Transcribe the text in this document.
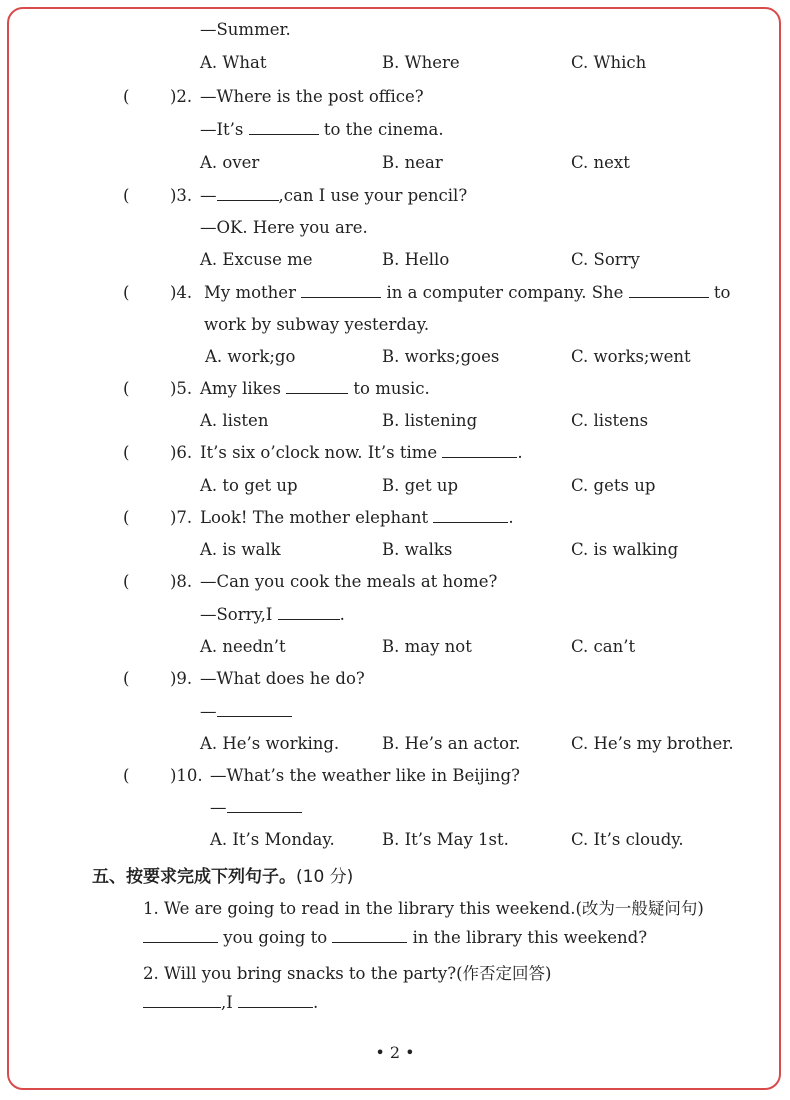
—Summer.
A. What	B. Where	C. Which
( )2. —Where is the post office?
—It’s	to the cinema.
A. over	B. near	C. next
( )3. —	,can I use your pencil?
—OK. Here you are.
A. Excuse me	B. Hello	C. Sorry
( )4. My mother	in a computer company. She	to
work by subway yesterday.
A. work;go	B. works;goes	C. works;went
( )5. Amy likes	to music.
A. listen	B. listening	C. listens
( )6. It’s six o’clock now. It’s time	.
A. to get up	B. get up	C. gets up
( )7. Look! The mother elephant	.
A. is walk	B. walks	C. is walking
( )8. —Can you cook the meals at home?
—Sorry,I	.
A. needn’t	B. may not	C. can’t
( )9. —What does he do?
—
A. He’s working.	B. He’s an actor.	C. He’s my brother.
( )10. —What’s the weather like in Beijing?
—
A. It’s Monday.	B. It’s May 1st.	C. It’s cloudy.
五、按要求完成下列句子。(10 分)
1. We are going to read in the library this weekend.(改为一般疑问句)
you going to	in the library this weekend?
2. Will you bring snacks to the party?(作否定回答)
,I	.
• 2 •
